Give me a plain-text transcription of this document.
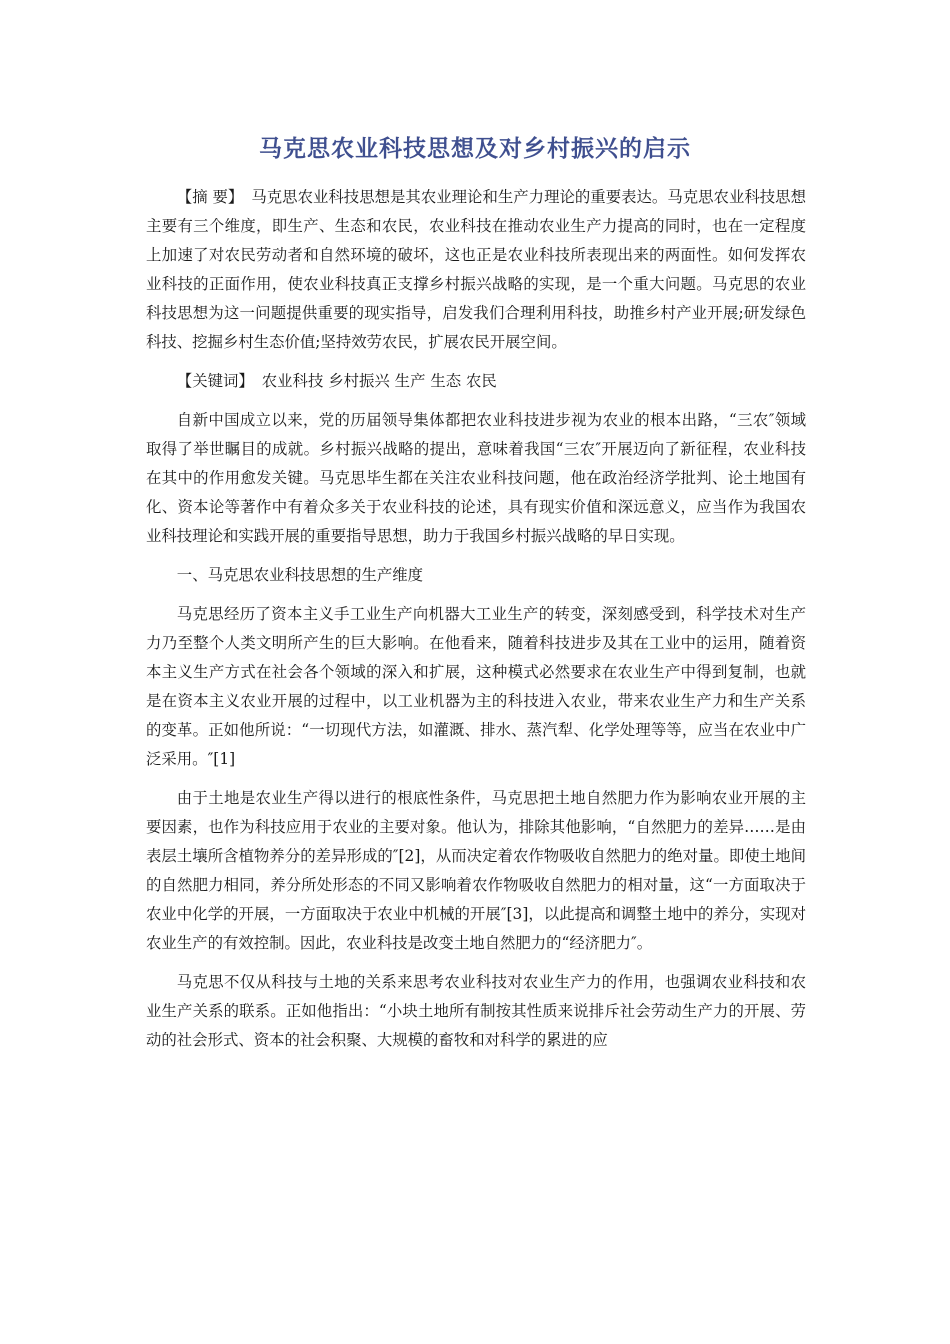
马克思农业科技思想及对乡村振兴的启示

【摘 要】 马克思农业科技思想是其农业理论和生产力理论的重要表达。马克思农业科技思想主要有三个维度，即生产、生态和农民，农业科技在推动农业生产力提高的同时，也在一定程度上加速了对农民劳动者和自然环境的破坏，这也正是农业科技所表现出来的两面性。如何发挥农业科技的正面作用，使农业科技真正支撑乡村振兴战略的实现，是一个重大问题。马克思的农业科技思想为这一问题提供重要的现实指导，启发我们合理利用科技，助推乡村产业开展;研发绿色科技、挖掘乡村生态价值;坚持效劳农民，扩展农民开展空间。

【关键词】 农业科技 乡村振兴 生产 生态 农民

自新中国成立以来，党的历届领导集体都把农业科技进步视为农业的根本出路，“三农″领域取得了举世瞩目的成就。乡村振兴战略的提出，意味着我国“三农″开展迈向了新征程，农业科技在其中的作用愈发关键。马克思毕生都在关注农业科技问题，他在政治经济学批判、论土地国有化、资本论等著作中有着众多关于农业科技的论述，具有现实价值和深远意义，应当作为我国农业科技理论和实践开展的重要指导思想，助力于我国乡村振兴战略的早日实现。

一、马克思农业科技思想的生产维度

马克思经历了资本主义手工业生产向机器大工业生产的转变，深刻感受到，科学技术对生产力乃至整个人类文明所产生的巨大影响。在他看来，随着科技进步及其在工业中的运用，随着资本主义生产方式在社会各个领域的深入和扩展，这种模式必然要求在农业生产中得到复制，也就是在资本主义农业开展的过程中，以工业机器为主的科技进入农业，带来农业生产力和生产关系的变革。正如他所说：“一切现代方法，如灌溉、排水、蒸汽犁、化学处理等等，应当在农业中广泛采用。″[1]

由于土地是农业生产得以进行的根底性条件，马克思把土地自然肥力作为影响农业开展的主要因素，也作为科技应用于农业的主要对象。他认为，排除其他影响，“自然肥力的差异……是由表层土壤所含植物养分的差异形成的″[2]，从而决定着农作物吸收自然肥力的绝对量。即使土地间的自然肥力相同，养分所处形态的不同又影响着农作物吸收自然肥力的相对量，这“一方面取决于农业中化学的开展，一方面取决于农业中机械的开展″[3]，以此提高和调整土地中的养分，实现对农业生产的有效控制。因此，农业科技是改变土地自然肥力的“经济肥力″。

马克思不仅从科技与土地的关系来思考农业科技对农业生产力的作用，也强调农业科技和农业生产关系的联系。正如他指出：“小块土地所有制按其性质来说排斥社会劳动生产力的开展、劳动的社会形式、资本的社会积聚、大规模的畜牧和对科学的累进的应
